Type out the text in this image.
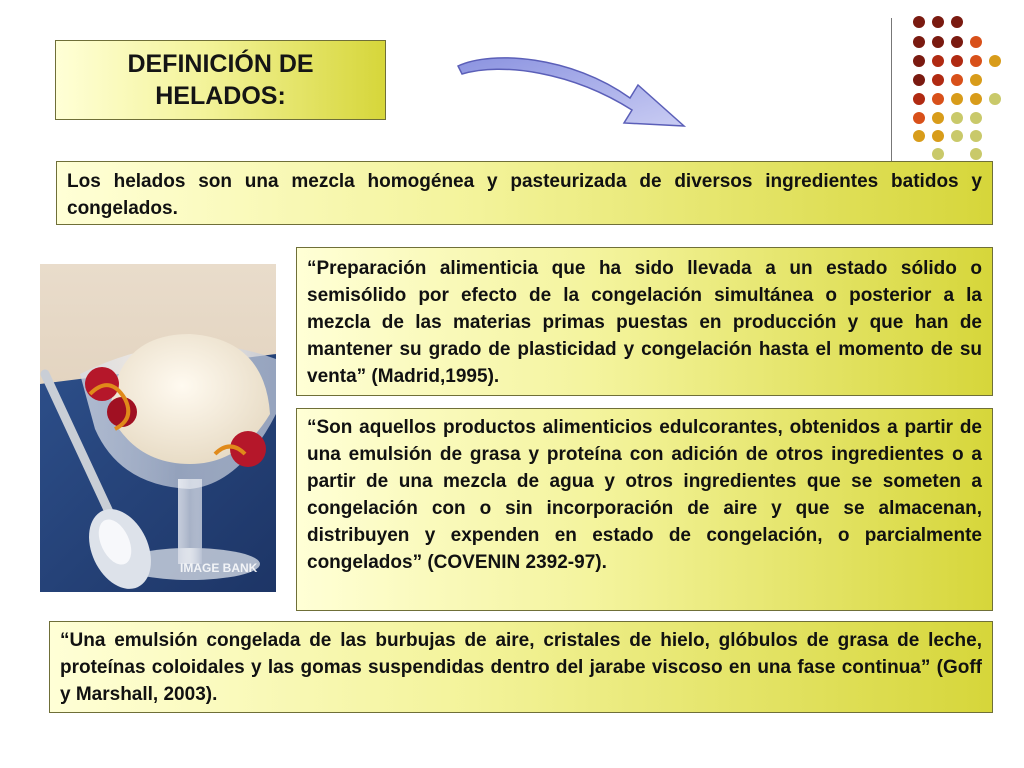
DEFINICIÓN DE
HELADOS:

Los helados son una mezcla homogénea y pasteurizada de diversos ingredientes batidos y congelados.

IMAGE BANK

“Preparación alimenticia que ha sido llevada a un estado sólido o semisólido por efecto de la congelación simultánea o posterior a la mezcla de las materias primas puestas en producción y que han de mantener su grado de plasticidad y congelación hasta el momento de su venta” (Madrid,1995).

“Son aquellos productos alimenticios edulcorantes, obtenidos a partir de una emulsión de grasa y proteína con adición de otros ingredientes o a partir de una mezcla de agua y otros ingredientes que se someten a congelación con o sin incorporación de aire y que se almacenan, distribuyen y expenden en estado de congelación, o parcialmente congelados” (COVENIN 2392-97).

“Una emulsión congelada de las burbujas de aire, cristales de hielo, glóbulos de grasa de leche, proteínas coloidales y las gomas suspendidas dentro del jarabe viscoso en una fase continua” (Goff y Marshall, 2003).
